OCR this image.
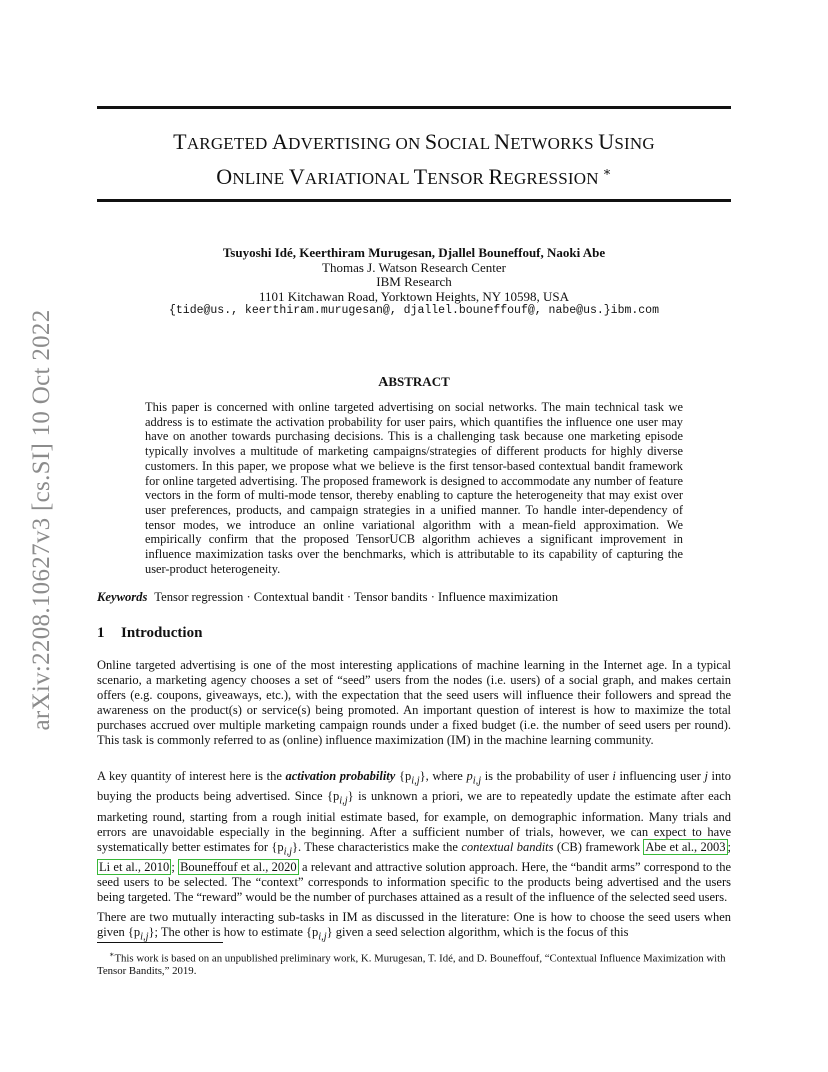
arXiv:2208.10627v3 [cs.SI] 10 Oct 2022
TARGETED ADVERTISING ON SOCIAL NETWORKS USING
ONLINE VARIATIONAL TENSOR REGRESSION ∗
Tsuyoshi Idé, Keerthiram Murugesan, Djallel Bouneffouf, Naoki Abe
Thomas J. Watson Research Center
IBM Research
1101 Kitchawan Road, Yorktown Heights, NY 10598, USA
{tide@us., keerthiram.murugesan@, djallel.bouneffouf@, nabe@us.}ibm.com
ABSTRACT
This paper is concerned with online targeted advertising on social networks. The main technical task we address is to estimate the activation probability for user pairs, which quantifies the influence one user may have on another towards purchasing decisions. This is a challenging task because one marketing episode typically involves a multitude of marketing campaigns/strategies of different products for highly diverse customers. In this paper, we propose what we believe is the first tensor-based contextual bandit framework for online targeted advertising. The proposed framework is designed to accommodate any number of feature vectors in the form of multi-mode tensor, thereby enabling to capture the heterogeneity that may exist over user preferences, products, and campaign strategies in a unified manner. To handle inter-dependency of tensor modes, we introduce an online variational algorithm with a mean-field approximation. We empirically confirm that the proposed TensorUCB algorithm achieves a significant improvement in influence maximization tasks over the benchmarks, which is attributable to its capability of capturing the user-product heterogeneity.
Keywords Tensor regression · Contextual bandit · Tensor bandits · Influence maximization
1 Introduction
Online targeted advertising is one of the most interesting applications of machine learning in the Internet age. In a typical scenario, a marketing agency chooses a set of “seed” users from the nodes (i.e. users) of a social graph, and makes certain offers (e.g. coupons, giveaways, etc.), with the expectation that the seed users will influence their followers and spread the awareness on the product(s) or service(s) being promoted. An important question of interest is how to maximize the total purchases accrued over multiple marketing campaign rounds under a fixed budget (i.e. the number of seed users per round). This task is commonly referred to as (online) influence maximization (IM) in the machine learning community.
A key quantity of interest here is the activation probability $\{p_{i,j}\}$, where $p_{i,j}$ is the probability of user i influencing user j into buying the products being advertised. Since $\{p_{i,j}\}$ is unknown a priori, we are to repeatedly update the estimate after each marketing round, starting from a rough initial estimate based, for example, on demographic information. Many trials and errors are unavoidable especially in the beginning. After a sufficient number of trials, however, we can expect to have systematically better estimates for $\{p_{i,j}\}$. These characteristics make the contextual bandits (CB) framework Abe et al., 2003 ; Li et al., 2010 ; Bouneffouf et al., 2020 a relevant and attractive solution approach. Here, the “bandit arms” correspond to the seed users to be selected. The “context” corresponds to information specific to the products being advertised and the users being targeted. The “reward” would be the number of purchases attained as a result of the influence of the selected seed users.
There are two mutually interacting sub-tasks in IM as discussed in the literature: One is how to choose the seed users when given $\{p_{i,j}\}$; The other is how to estimate $\{p_{i,j}\}$ given a seed selection algorithm, which is the focus of this
∗This work is based on an unpublished preliminary work, K. Murugesan, T. Idé, and D. Bouneffouf, “Contextual Influence Maximization with Tensor Bandits,” 2019.
